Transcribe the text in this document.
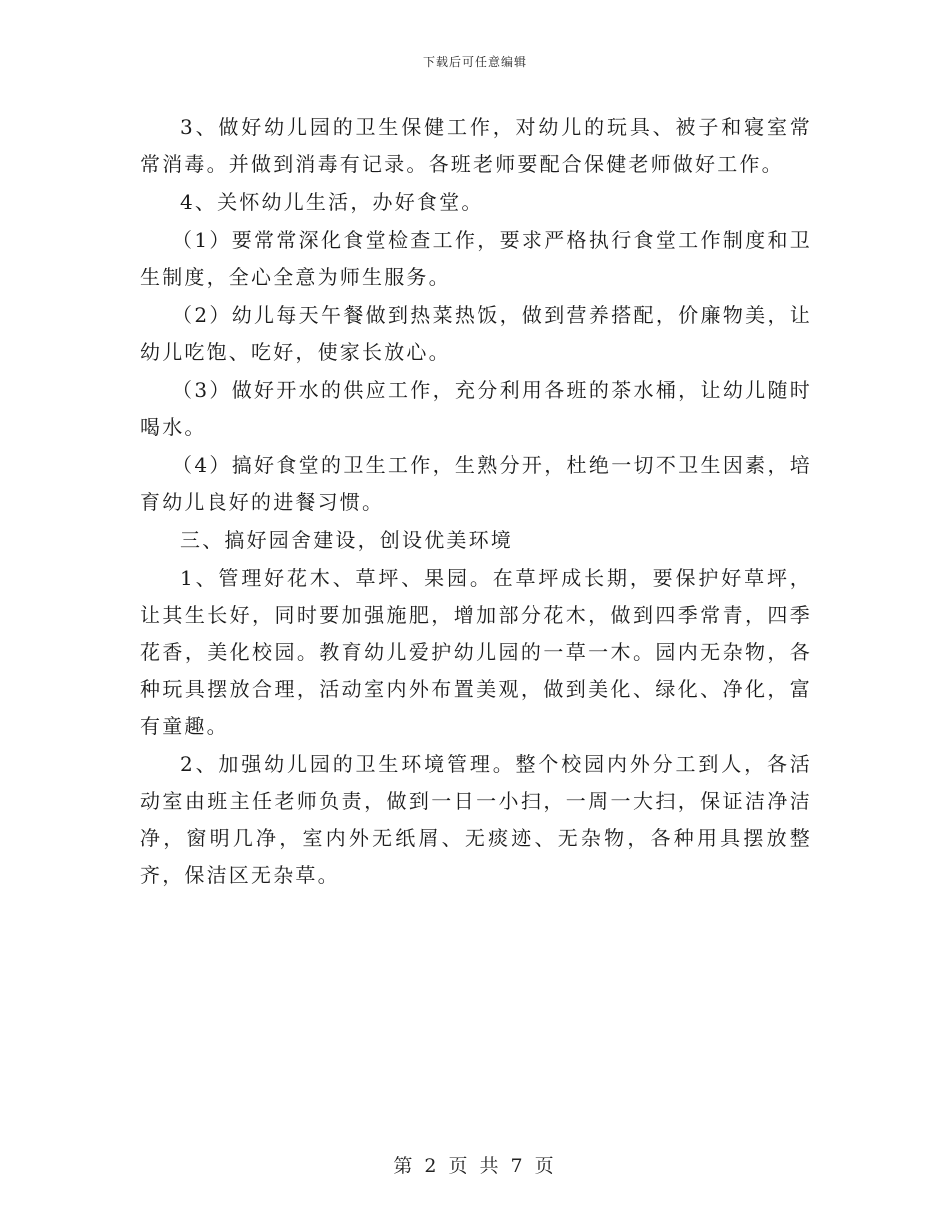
下载后可任意编辑

3、做好幼儿园的卫生保健工作，对幼儿的玩具、被子和寝室常常消毒。并做到消毒有记录。各班老师要配合保健老师做好工作。

4、关怀幼儿生活，办好食堂。

（1）要常常深化食堂检查工作，要求严格执行食堂工作制度和卫生制度，全心全意为师生服务。

（2）幼儿每天午餐做到热菜热饭，做到营养搭配，价廉物美，让幼儿吃饱、吃好，使家长放心。

（3）做好开水的供应工作，充分利用各班的茶水桶，让幼儿随时喝水。

（4）搞好食堂的卫生工作，生熟分开，杜绝一切不卫生因素，培育幼儿良好的进餐习惯。

三、搞好园舍建设，创设优美环境

1、管理好花木、草坪、果园。在草坪成长期，要保护好草坪，让其生长好，同时要加强施肥，增加部分花木，做到四季常青，四季花香，美化校园。教育幼儿爱护幼儿园的一草一木。园内无杂物，各种玩具摆放合理，活动室内外布置美观，做到美化、绿化、净化，富有童趣。

2、加强幼儿园的卫生环境管理。整个校园内外分工到人，各活动室由班主任老师负责，做到一日一小扫，一周一大扫，保证洁净洁净，窗明几净，室内外无纸屑、无痰迹、无杂物，各种用具摆放整齐，保洁区无杂草。

第 2 页 共 7 页
